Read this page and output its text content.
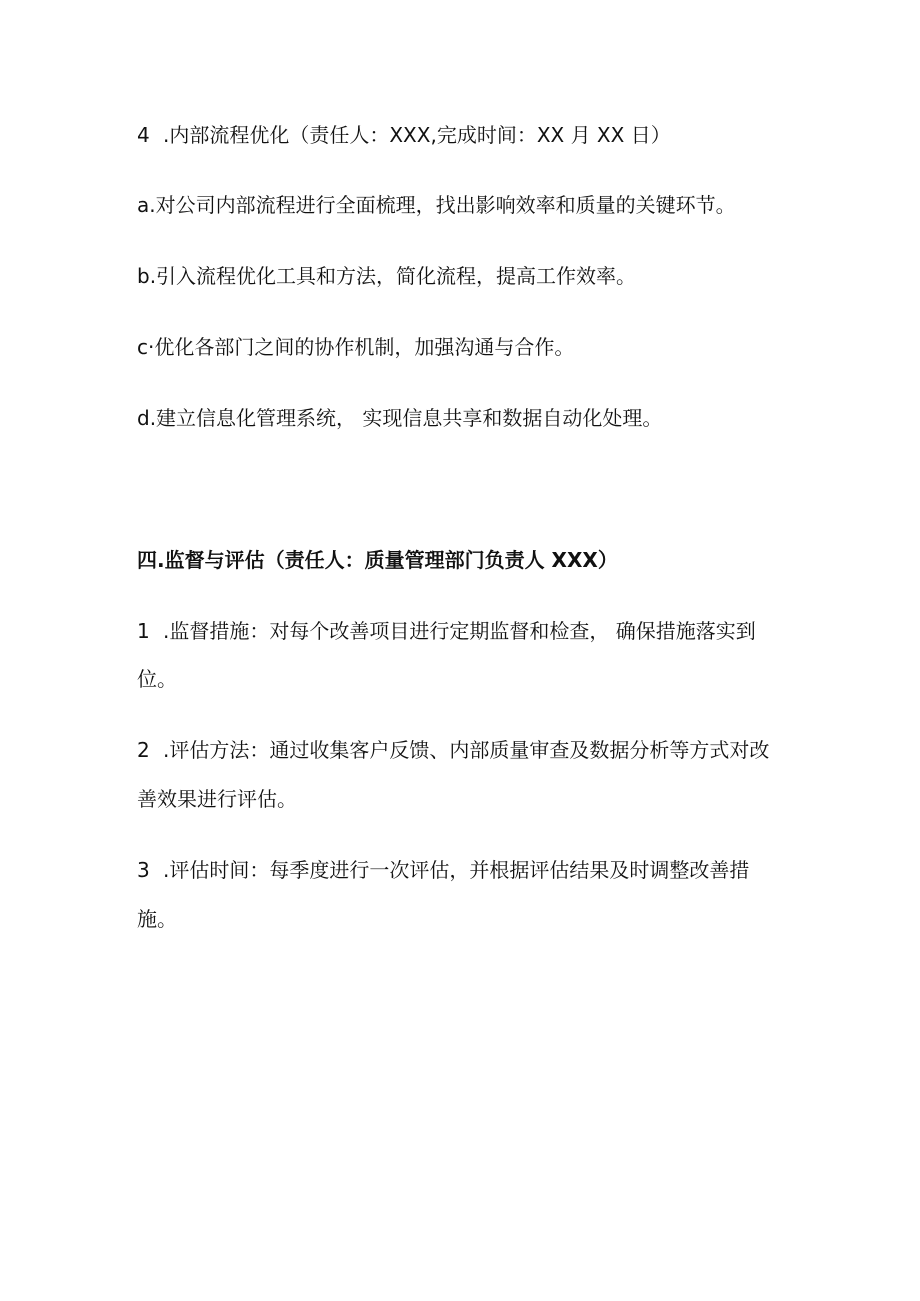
4 .内部流程优化（责任人：XXX,完成时间：XX 月 XX 日）
a.对公司内部流程进行全面梳理，找出影响效率和质量的关键环节。
b.引入流程优化工具和方法，简化流程，提高工作效率。
c·优化各部门之间的协作机制，加强沟通与合作。
d.建立信息化管理系统， 实现信息共享和数据自动化处理。
四.监督与评估（责任人：质量管理部门负责人 XXX）
1 .监督措施：对每个改善项目进行定期监督和检查， 确保措施落实到
位。
2 .评估方法：通过收集客户反馈、内部质量审查及数据分析等方式对改
善效果进行评估。
3 .评估时间：每季度进行一次评估，并根据评估结果及时调整改善措
施。
